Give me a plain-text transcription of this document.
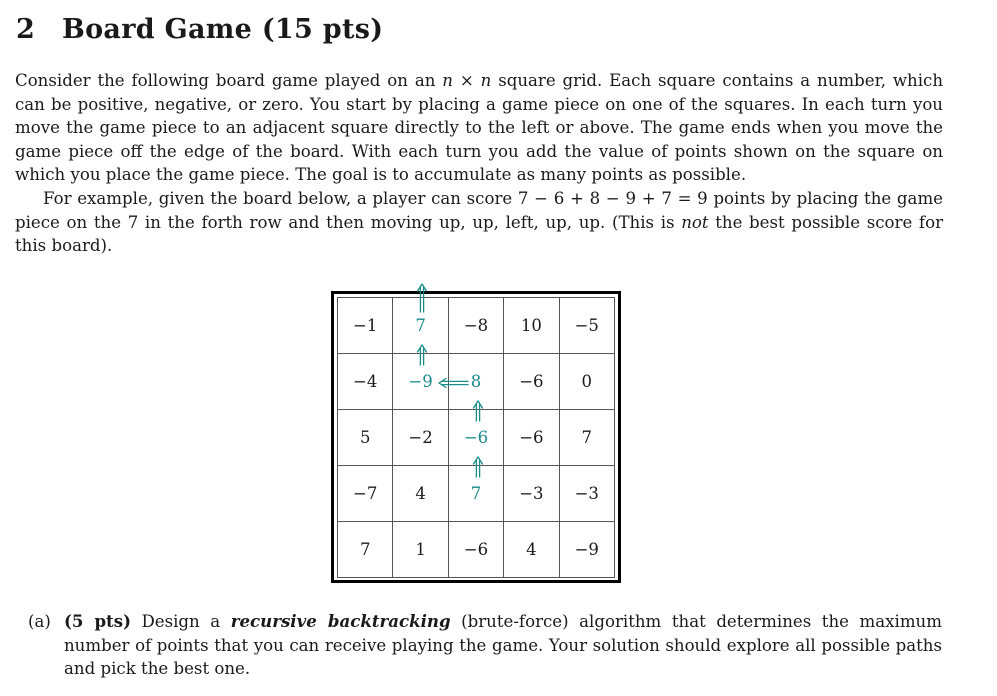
2 Board Game (15 pts)

Consider the following board game played on an n × n square grid. Each square contains a number, which can be positive, negative, or zero. You start by placing a game piece on one of the squares. In each turn you move the game piece to an adjacent square directly to the left or above. The game ends when you move the game piece off the edge of the board. With each turn you add the value of points shown on the square on which you place the game piece. The goal is to accumulate as many points as possible.

For example, given the board below, a player can score 7 − 6 + 8 − 9 + 7 = 9 points by placing the game piece on the 7 in the forth row and then moving up, up, left, up, up. (This is not the best possible score for this board).

−1	7	−8	10	−5
−4	−9	8	−6	0
5	−2	−6	−6	7
−7	4	7	−3	−3
7	1	−6	4	−9
(a) (5 pts) Design a recursive backtracking (brute-force) algorithm that determines the maximum number of points that you can receive playing the game. Your solution should explore all possible paths and pick the best one.
